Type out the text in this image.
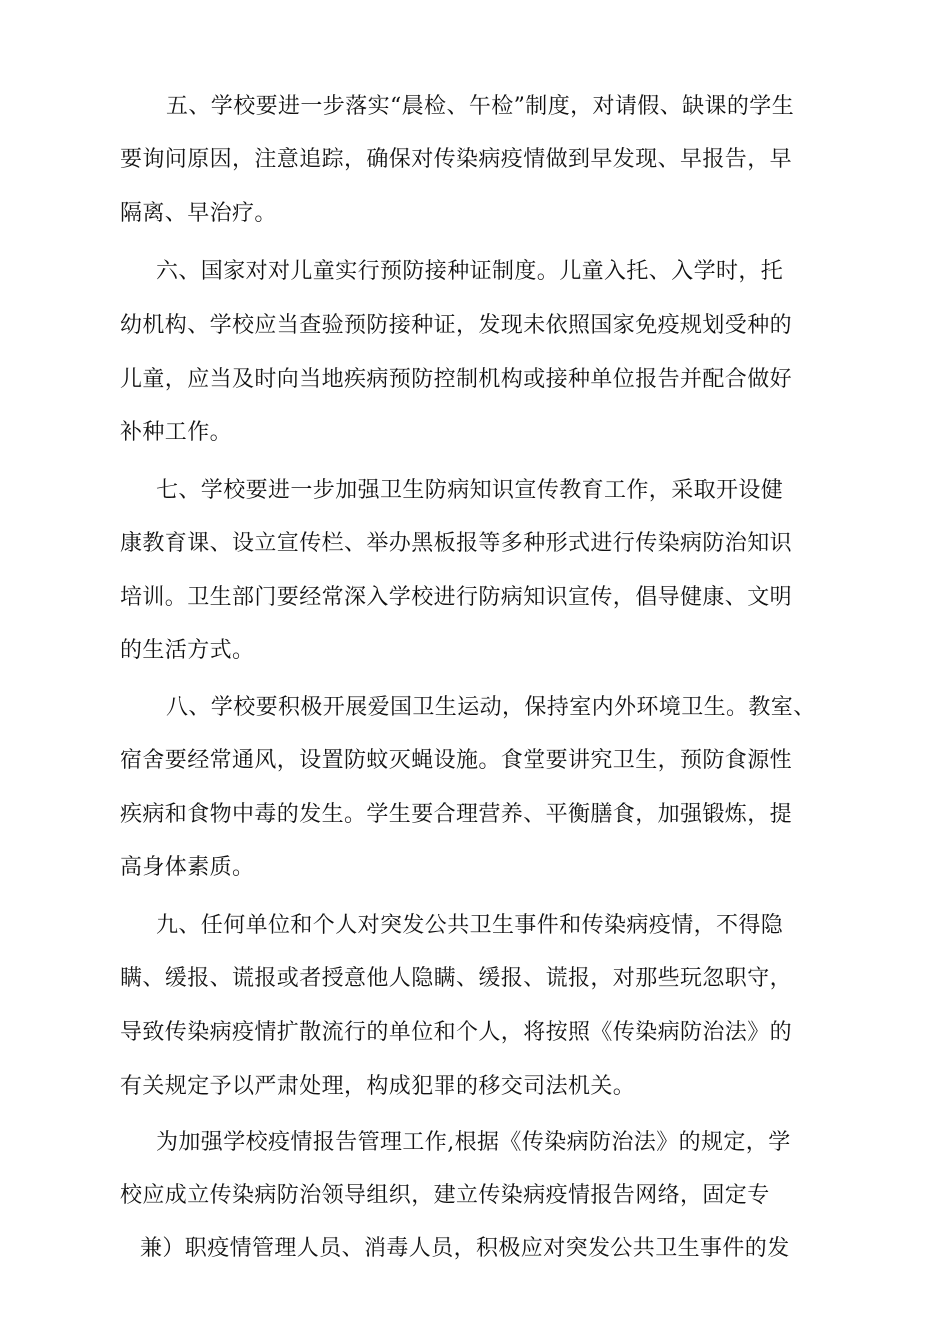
五、学校要进一步落实“晨检、午检”制度，对请假、缺课的学生
要询问原因，注意追踪，确保对传染病疫情做到早发现、早报告，早
隔离、早治疗。
六、国家对对儿童实行预防接种证制度。儿童入托、入学时，托
幼机构、学校应当查验预防接种证，发现未依照国家免疫规划受种的
儿童，应当及时向当地疾病预防控制机构或接种单位报告并配合做好
补种工作。
七、学校要进一步加强卫生防病知识宣传教育工作，采取开设健
康教育课、设立宣传栏、举办黑板报等多种形式进行传染病防治知识
培训。卫生部门要经常深入学校进行防病知识宣传，倡导健康、文明
的生活方式。
八、学校要积极开展爱国卫生运动，保持室内外环境卫生。教室、
宿舍要经常通风，设置防蚊灭蝇设施。食堂要讲究卫生，预防食源性
疾病和食物中毒的发生。学生要合理营养、平衡膳食，加强锻炼，提
高身体素质。
九、任何单位和个人对突发公共卫生事件和传染病疫情，不得隐
瞒、缓报、谎报或者授意他人隐瞒、缓报、谎报，对那些玩忽职守，
导致传染病疫情扩散流行的单位和个人，将按照《传染病防治法》的
有关规定予以严肃处理，构成犯罪的移交司法机关。
为加强学校疫情报告管理工作,根据《传染病防治法》的规定，学
校应成立传染病防治领导组织，建立传染病疫情报告网络，固定专
兼）职疫情管理人员、消毒人员，积极应对突发公共卫生事件的发
